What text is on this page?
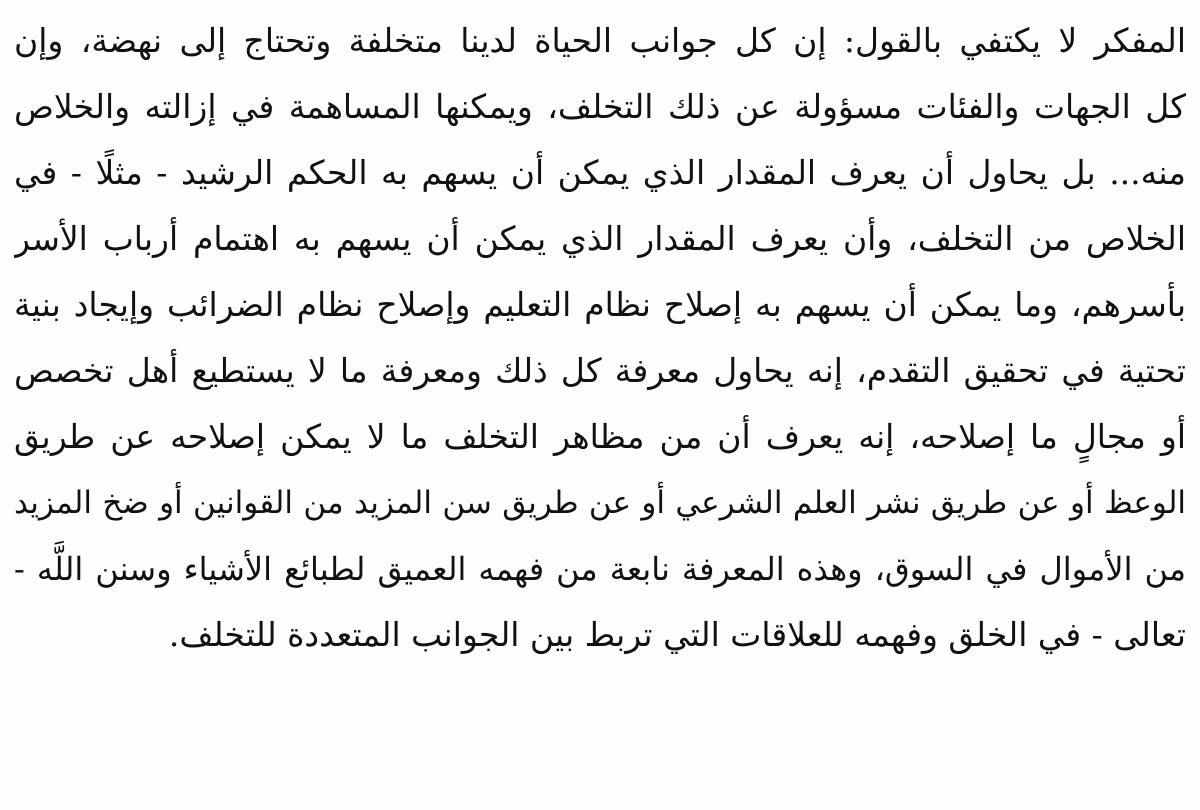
المفكر لا يكتفي بالقول: إن كل جوانب الحياة لدينا متخلفة وتحتاج إلى نهضة، وإن
كل الجهات والفئات مسؤولة عن ذلك التخلف، ويمكنها المساهمة في إزالته والخلاص
منه... بل يحاول أن يعرف المقدار الذي يمكن أن يسهم به الحكم الرشيد - مثلًا - في
الخلاص من التخلف، وأن يعرف المقدار الذي يمكن أن يسهم به اهتمام أرباب الأسر
بأسرهم، وما يمكن أن يسهم به إصلاح نظام التعليم وإصلاح نظام الضرائب وإيجاد بنية
تحتية في تحقيق التقدم، إنه يحاول معرفة كل ذلك ومعرفة ما لا يستطيع أهل تخصص
أو مجالٍ ما إصلاحه، إنه يعرف أن من مظاهر التخلف ما لا يمكن إصلاحه عن طريق
الوعظ أو عن طريق نشر العلم الشرعي أو عن طريق سن المزيد من القوانين أو ضخ المزيد
من الأموال في السوق، وهذه المعرفة نابعة من فهمه العميق لطبائع الأشياء وسنن اللَّه -
تعالى - في الخلق وفهمه للعلاقات التي تربط بين الجوانب المتعددة للتخلف.
